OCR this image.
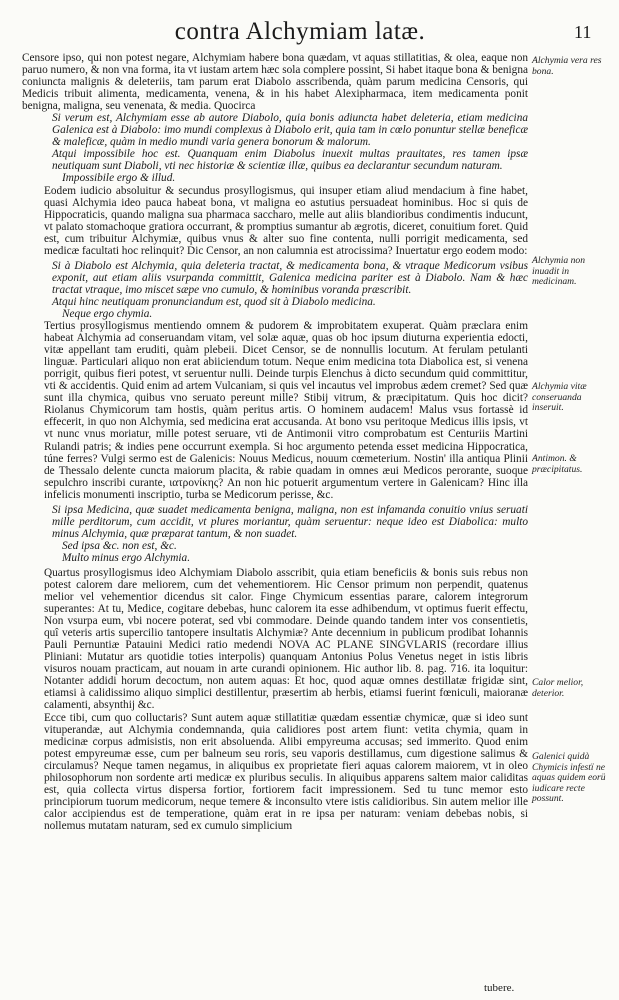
contra Alchymiam latæ.	11

Censore ipso, qui non potest negare, Alchymiam habere bona quædam, vt aquas stillatitias, & olea, eaque non paruo numero, & non vna forma, ita vt iustam artem hæc sola complere possint, Si habet itaque bona & benigna coniuncta malignis & deleteriis, tam parum erat Diabolo asscribenda, quàm parum medicina Censoris, qui Medicis tribuit alimenta, medicamenta, venena, & in his habet Alexipharmaca, item medicamenta ponit benigna, maligna, seu venenata, & media. Quocirca

Si verum est, Alchymiam esse ab autore Diabolo, quia bonis adiuncta habet deleteria, etiam medicina Galenica est à Diabolo: imo mundi complexus à Diabolo erit, quia tam in cœlo ponuntur stellæ beneficæ & maleficæ, quàm in medio mundi varia genera bonorum & malorum.

Atqui impossibile hoc est. Quanquam enim Diabolus inuexit multas prauitates, res tamen ipsæ neutiquam sunt Diaboli, vti nec historiæ & scientiæ illæ, quibus ea declarantur secundum naturam.

Impossibile ergo & illud.

Eodem iudicio absoluitur & secundus prosyllogismus, qui insuper etiam aliud mendacium à fine habet, quasi Alchymia ideo pauca habeat bona, vt maligna eo astutius persuadeat hominibus. Hoc si quis de Hippocraticis, quando maligna sua pharmaca saccharo, melle aut aliis blandioribus condimentis inducunt, vt palato stomachoque gratiora occurrant, & promptius sumantur ab ægrotis, diceret, conuitium foret. Quid est, cum tribuitur Alchymiæ, quibus vnus & alter suo fine contenta, nulli porrigit medicamenta, sed medicæ facultati hoc relinquit? Dic Censor, an non calumnia est atrocissima? Inuertatur ergo eodem modo:

Si à Diabolo est Alchymia, quia deleteria tractat, & medicamenta bona, & vtraque Medicorum vsibus exponit, aut etiam aliis vsurpanda committit, Galenica medicina pariter est à Diabolo. Nam & hæc tractat vtraque, imo miscet sæpe vno cumulo, & hominibus voranda præscribit.

Atqui hinc neutiquam pronunciandum est, quod sit à Diabolo medicina.

Neque ergo chymia.

Tertius prosyllogismus mentiendo omnem & pudorem & improbitatem exuperat. Quàm præclara enim habeat Alchymia ad conseruandam vitam, vel solæ aquæ, quas ob hoc ipsum diuturna experientia edocti, vitæ appellant tam eruditi, quàm plebeii. Dicet Censor, se de nonnullis locutum. At ferulam petulanti linguæ. Particulari aliquo non erat abiiciendum totum. Neque enim medicina tota Diabolica est, si venena porrigit, quibus fieri potest, vt seruentur nulli. Deinde turpis Elenchus à dicto secundum quid committitur, vti & accidentis. Quid enim ad artem Vulcaniam, si quis vel incautus vel improbus ædem cremet? Sed quæ sunt illa chymica, quibus vno seruato pereunt mille? Stibij vitrum, & præcipitatum. Quis hoc dicit? Riolanus Chymicorum tam hostis, quàm peritus artis. O hominem audacem! Malus vsus fortassè id effecerit, in quo non Alchymia, sed medicina erat accusanda. At bono vsu peritoque Medicus illis ipsis, vt vt nunc vnus moriatur, mille potest seruare, vti de Antimonii vitro comprobatum est Centuriis Martini Rulandi patris; & indies pene occurrunt exempla. Si hoc argumento petenda esset medicina Hippocratica, túne ferres? Vulgi sermo est de Galenicis: Nouus Medicus, nouum cœmeterium. Nostin' illa antiqua Plinii de Thessalo delente cuncta maiorum placita, & rabie quadam in omnes æui Medicos perorante, suoque sepulchro inscribi curante, ιατρονίκης? An non hic potuerit argumentum vertere in Galenicam? Hinc illa infelicis monumenti inscriptio, turba se Medicorum perisse, &c.

Si ipsa Medicina, quæ suadet medicamenta benigna, maligna, non est infamanda conuitio vnius seruati mille perditorum, cum accidit, vt plures moriantur, quàm seruentur: neque ideo est Diabolica: multo minus Alchymia, quæ præparat tantum, & non suadet.

Sed ipsa &c. non est, &c.

Multo minus ergo Alchymia.

Quartus prosyllogismus ideo Alchymiam Diabolo asscribit, quia etiam beneficiis & bonis suis rebus non potest calorem dare meliorem, cum det vehementiorem. Hic Censor primum non perpendit, quatenus melior vel vehementior dicendus sit calor. Finge Chymicum essentias parare, calorem integrorum superantes: At tu, Medice, cogitare debebas, hunc calorem ita esse adhibendum, vt optimus fuerit effectu, Non vsurpa eum, vbi nocere poterat, sed vbi commodare. Deinde quando tandem inter vos consentietis, quî veteris artis supercilio tantopere insultatis Alchymiæ? Ante decennium in publicum prodibat Iohannis Pauli Pernuntiæ Patauini Medici ratio medendi NOVA AC PLANE SINGVLARIS (recordare illius Pliniani: Mutatur ars quotidie toties interpolis) quanquam Antonius Polus Venetus neget in istis libris visuros nouam practicam, aut nouam in arte curandi opinionem. Hic author lib. 8. pag. 716. ita loquitur: Notanter addidi horum decoctum, non autem aquas: Et hoc, quod aquæ omnes destillatæ frigidæ sint, etiamsi à calidissimo aliquo simplici destillentur, præsertim ab herbis, etiamsi fuerint fœniculi, maioranæ calamenti, absynthij &c.

Ecce tibi, cum quo colluctaris? Sunt autem aquæ stillatitiæ quædam essentiæ chymicæ, quæ si ideo sunt vituperandæ, aut Alchymia condemnanda, quia calidiores post artem fiunt: vetita chymia, quam in medicinæ corpus admisistis, non erit absoluenda. Alibi empyreuma accusas; sed immerito. Quod enim potest empyreumæ esse, cum per balneum seu roris, seu vaporis destillamus, cum digestione salimus & circulamus? Neque tamen negamus, in aliquibus ex proprietate fieri aquas calorem maiorem, vt in oleo philosophorum non sordente arti medicæ ex pluribus seculis. In aliquibus apparens saltem maior caliditas est, quia collecta virtus dispersa fortior, fortiorem facit impressionem. Sed tu tunc memor esto principiorum tuorum medicorum, neque temere & inconsulto vtere istis calidioribus. Sin autem melior ille calor accipiendus est de temperatione, quàm erat in re ipsa per naturam: veniam debebas nobis, si nollemus mutatam naturam, sed ex cumulo simplicium

Alchymia vera res bona.
Alchymia non inuadit in medicinam.
Alchymia vitæ conseruanda inseruit.
Antimon. & præcipitatus.
Calor melior, deterior.
Galenici quidà Chymicis infestï ne aquas quidem eorü iudicare recte possunt.
tubere.
